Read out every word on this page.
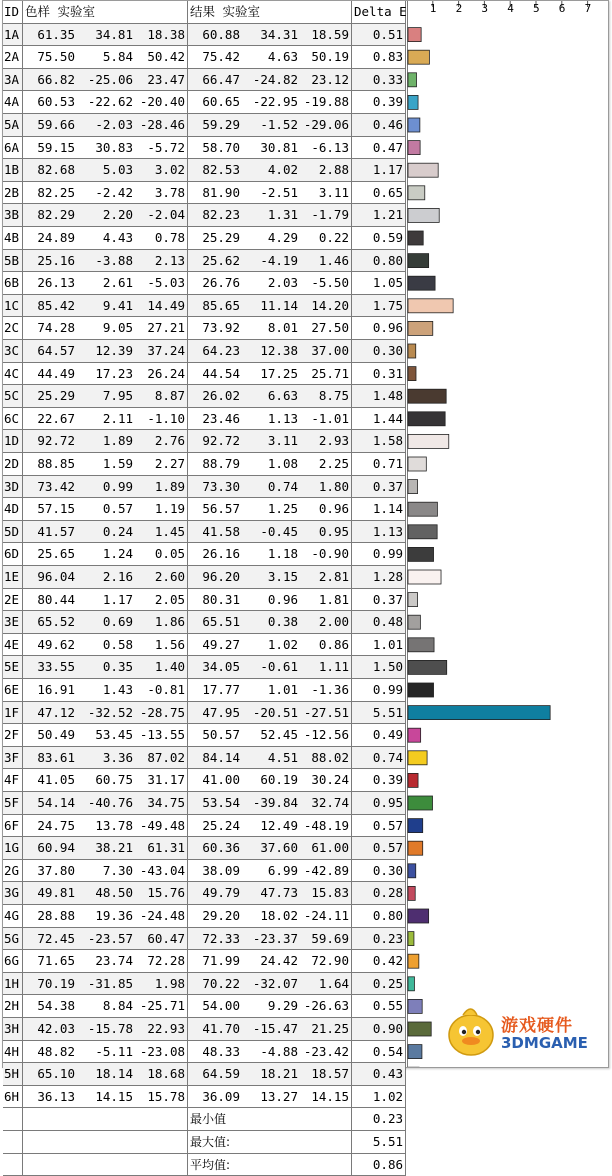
ID 色样 实验室	结果 实验室	Delta E
1A	61.35	34.81	18.38	60.88	34.31	18.59	0.51
2A	75.50	5.84	50.42	75.42	4.63	50.19	0.83
3A	66.82	-25.06	23.47	66.47	-24.82	23.12	0.33
4A	60.53	-22.62 -20.40	60.65	-22.95 -19.88	0.39
5A	59.66	-2.03 -28.46	59.29	-1.52 -29.06	0.46
6A	59.15	30.83	-5.72	58.70	30.81	-6.13	0.47
1B	82.68	5.03	3.02	82.53	4.02	2.88	1.17
2B	82.25	-2.42	3.78	81.90	-2.51	3.11	0.65
3B	82.29	2.20	-2.04	82.23	1.31	-1.79	1.21
4B	24.89	4.43	0.78	25.29	4.29	0.22	0.59
5B	25.16	-3.88	2.13	25.62	-4.19	1.46	0.80
6B	26.13	2.61	-5.03	26.76	2.03	-5.50	1.05
1C	85.42	9.41	14.49	85.65	11.14	14.20	1.75
2C	74.28	9.05	27.21	73.92	8.01	27.50	0.96
3C	64.57	12.39	37.24	64.23	12.38	37.00	0.30
4C	44.49	17.23	26.24	44.54	17.25	25.71	0.31
5C	25.29	7.95	8.87	26.02	6.63	8.75	1.48
6C	22.67	2.11	-1.10	23.46	1.13	-1.01	1.44
1D	92.72	1.89	2.76	92.72	3.11	2.93	1.58
2D	88.85	1.59	2.27	88.79	1.08	2.25	0.71
3D	73.42	0.99	1.89	73.30	0.74	1.80	0.37
4D	57.15	0.57	1.19	56.57	1.25	0.96	1.14
5D	41.57	0.24	1.45	41.58	-0.45	0.95	1.13
6D	25.65	1.24	0.05	26.16	1.18	-0.90	0.99
1E	96.04	2.16	2.60	96.20	3.15	2.81	1.28
2E	80.44	1.17	2.05	80.31	0.96	1.81	0.37
3E	65.52	0.69	1.86	65.51	0.38	2.00	0.48
4E	49.62	0.58	1.56	49.27	1.02	0.86	1.01
5E	33.55	0.35	1.40	34.05	-0.61	1.11	1.50
6E	16.91	1.43	-0.81	17.77	1.01	-1.36	0.99
1F	47.12	-32.52 -28.75	47.95	-20.51 -27.51	5.51
2F	50.49	53.45 -13.55	50.57	52.45 -12.56	0.49
3F	83.61	3.36	87.02	84.14	4.51	88.02	0.74
4F	41.05	60.75	31.17	41.00	60.19	30.24	0.39
5F	54.14	-40.76	34.75	53.54	-39.84	32.74	0.95
6F	24.75	13.78 -49.48	25.24	12.49 -48.19	0.57
1G	60.94	38.21	61.31	60.36	37.60	61.00	0.57
2G	37.80	7.30 -43.04	38.09	6.99 -42.89	0.30
3G	49.81	48.50	15.76	49.79	47.73	15.83	0.28
4G	28.88	19.36 -24.48	29.20	18.02 -24.11	0.80
5G	72.45	-23.57	60.47	72.33	-23.37	59.69	0.23
6G	71.65	23.74	72.28	71.99	24.42	72.90	0.42
1H	70.19	-31.85	1.98	70.22	-32.07	1.64	0.25
2H	54.38	8.84 -25.71	54.00	9.29 -26.63	0.55
3H	42.03	-15.78	22.93	41.70	-15.47	21.25	0.90
4H	48.82	-5.11 -23.08	48.33	-4.88 -23.42	0.54
5H	65.10	18.14	18.68	64.59	18.21	18.57	0.43
6H	36.13	14.15	15.78	36.09	13.27	14.15	1.02
最小值	0.23
最大值:	5.51
平均值:	0.86
1 2 3 4 5 6 7
游戏硬件
3DMGAME
